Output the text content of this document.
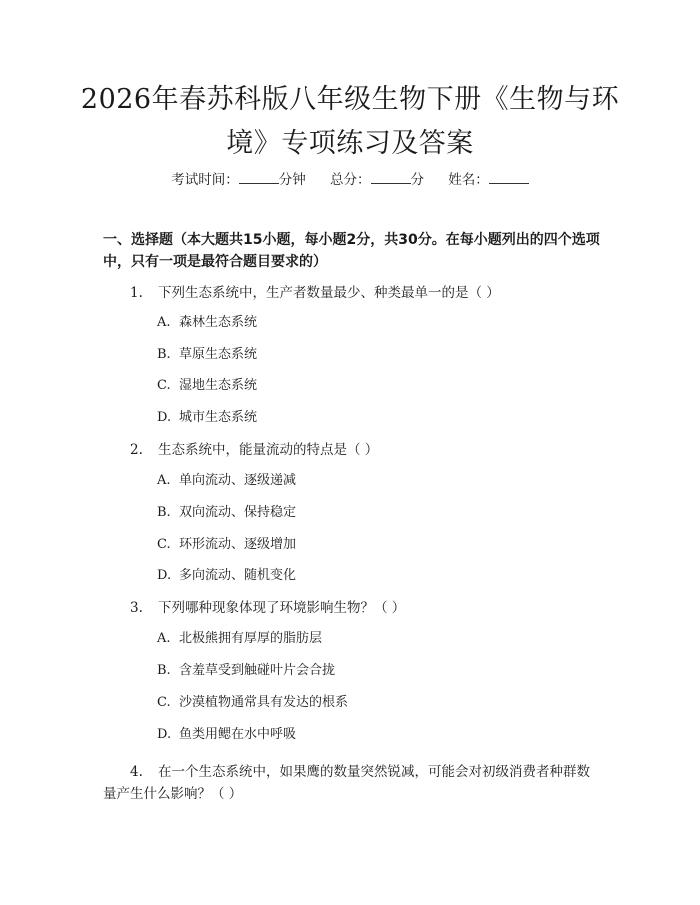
2026年春苏科版八年级生物下册《生物与环
境》专项练习及答案
考试时间：	分钟 总分：	分 姓名：
一、选择题（本大题共15小题，每小题2分，共30分。在每小题列出的四个选项中，只有一项是最符合题目要求的）
1. 下列生态系统中，生产者数量最少、种类最单一的是（ ）
A. 森林生态系统
B. 草原生态系统
C. 湿地生态系统
D. 城市生态系统
2. 生态系统中，能量流动的特点是（ ）
A. 单向流动、逐级递减
B. 双向流动、保持稳定
C. 环形流动、逐级增加
D. 多向流动、随机变化
3. 下列哪种现象体现了环境影响生物？（ ）
A. 北极熊拥有厚厚的脂肪层
B. 含羞草受到触碰叶片会合拢
C. 沙漠植物通常具有发达的根系
D. 鱼类用鳃在水中呼吸
4. 在一个生态系统中，如果鹰的数量突然锐减，可能会对初级消费者种群数量产生什么影响？（ ）
